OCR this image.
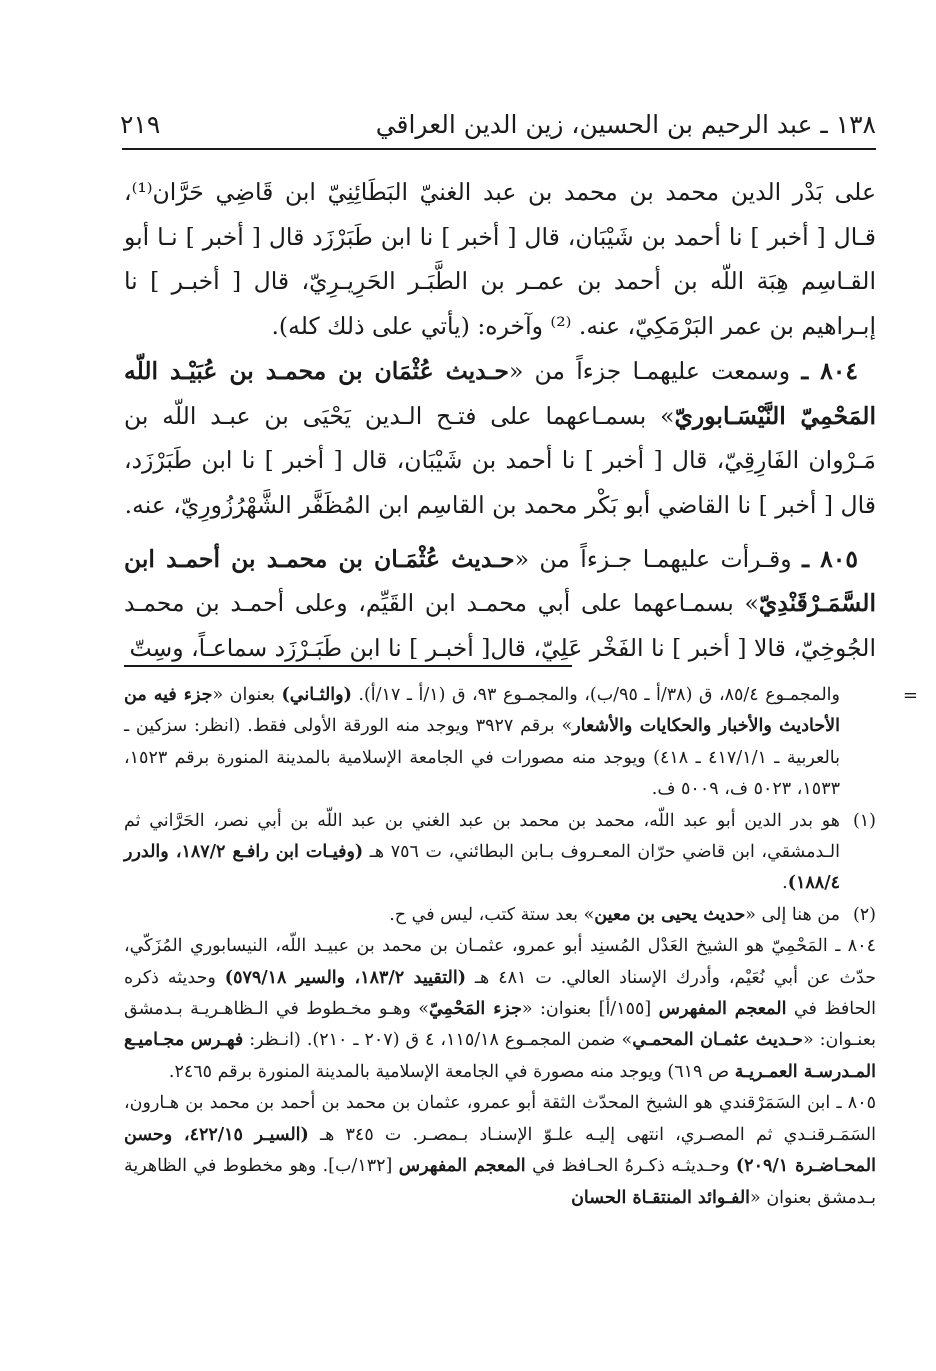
١٣٨ ـ عبد الرحيم بن الحسين، زين الدين العراقي
٢١٩

على بَدْر الدين محمد بن محمد بن عبد الغنيّ البَطَائِنِيّ ابن قَاضِي حَرَّان⁽¹⁾، قـال [ أخبر ] نا أحمد بن شَيْبَان، قال [ أخبر ] نا ابن طَبَرْزَد قال [ أخبر ] نـا أبو القـاسِم هِبَة اللّه بن أحمد بن عمـر بن الطَّبَـر الحَرِيـرِيّ، قال [ أخبـر ] نا إبـراهيم بن عمر البَرْمَكِيّ، عنه. ⁽²⁾ وآخره: (يأتي على ذلك كله).

٨٠٤ ـ وسمعت عليهمـا جزءاً من «حـديث عُثْمَان بن محمـد بن عُبَيْـد اللّه المَحْمِيّ النَّيْسَـابوريّ» بسمـاعهما على فتـح الـدين يَحْيَى بن عبـد اللّه بن مَـرْوان الفَارِقِيّ، قال [ أخبر ] نا أحمد بن شَيْبَان، قال [ أخبر ] نا ابن طَبَرْزَد، قال [ أخبر ] نا القاضي أبو بَكْر محمد بن القاسِم ابن المُظَفَّر الشَّهْرُزُورِيّ، عنه.

٨٠٥ ـ وقـرأت عليهمـا جـزءاً من «حـديث عُثْمَـان بن محمـد بن أحمـد ابن السَّمَـرْقَنْدِيّ» بسمـاعهما على أبي محمـد ابن القَيِّم، وعلى أحمـد بن محمـد الجُوخِيّ، قالا [ أخبر ] نا الفَخْر عَلِيّ، قال[ أخبـر ] نا ابن طَبَـرْزَد سماعـاً، وسِتّ

=
والمجمـوع ٨٥/٤، ق (٣٨/أ ـ ٩٥/ب)، والمجمـوع ٩٣، ق (١/أ ـ ١٧/أ). (والثـاني) بعنوان «جزء فيه من الأحاديث والأخبار والحكايات والأشعار» برقم ٣٩٢٧ ويوجد منه الورقة الأولى فقط. (انظر: سزكين ـ بالعربية ـ ٤١٧/١/١ ـ ٤١٨) ويوجد منه مصورات في الجامعة الإسلامية بالمدينة المنورة برقم ١٥٢٣، ١٥٣٣، ٥٠٢٣ ف، ٥٠٠٩ ف.

(١)
هو بدر الدين أبو عبد اللّه، محمد بن محمد بن عبد الغني بن عبد اللّه بن أبي نصر، الحَرَّاني ثم الـدمشقي، ابن قاضي حرّان المعـروف بـابن البطائني، ت ٧٥٦ هـ (وفيـات ابن رافـع ١٨٧/٢، والدرر ١٨٨/٤).

(٢)
من هنا إلى «حديث يحيى بن معين» بعد ستة كتب، ليس في ح.

٨٠٤ ـ المَحْمِيّ هو الشيخ العَدْل المُسنِد أبو عمرو، عثمـان بن محمد بن عبيـد اللّه، النيسابوري المُزَكّي، حدّث عن أبي نُعَيْم، وأدرك الإسناد العالي. ت ٤٨١ هـ (التقييد ١٨٣/٢، والسير ٥٧٩/١٨) وحديثه ذكره الحافظ في المعجم المفهرس [١٥٥/أ] بعنوان: «جزء المَحْمِيّ» وهـو مخـطوط في الـظاهـريـة بـدمشق بعنـوان: «حـديث عثمـان المحمـي» ضمن المجمـوع ١١٥/١٨، ٤ ق (٢٠٧ ـ ٢١٠). (انـظر: فهـرس مجـاميـع المـدرسـة العمـريـة ص ٦١٩) ويوجد منه مصورة في الجامعة الإسلامية بالمدينة المنورة برقم ٢٤٦٥.

٨٠٥ ـ ابن السَمَرْقندي هو الشيخ المحدّث الثقة أبو عمرو، عثمان بن محمد بن أحمد بن محمد بن هـارون، السَمَـرقنـدي ثم المصـري، انتهى إليـه علـوّ الإسنـاد بـمصـر. ت ٣٤٥ هـ (السيـر ٤٢٢/١٥، وحسن المحـاضـرة ٢٠٩/١) وحـديثـه ذكـرهُ الحـافظ في المعجم المفهرس [١٣٢/ب]. وهو مخطوط في الظاهرية بـدمشق بعنوان «الفـوائد المنتقـاة الحسان
